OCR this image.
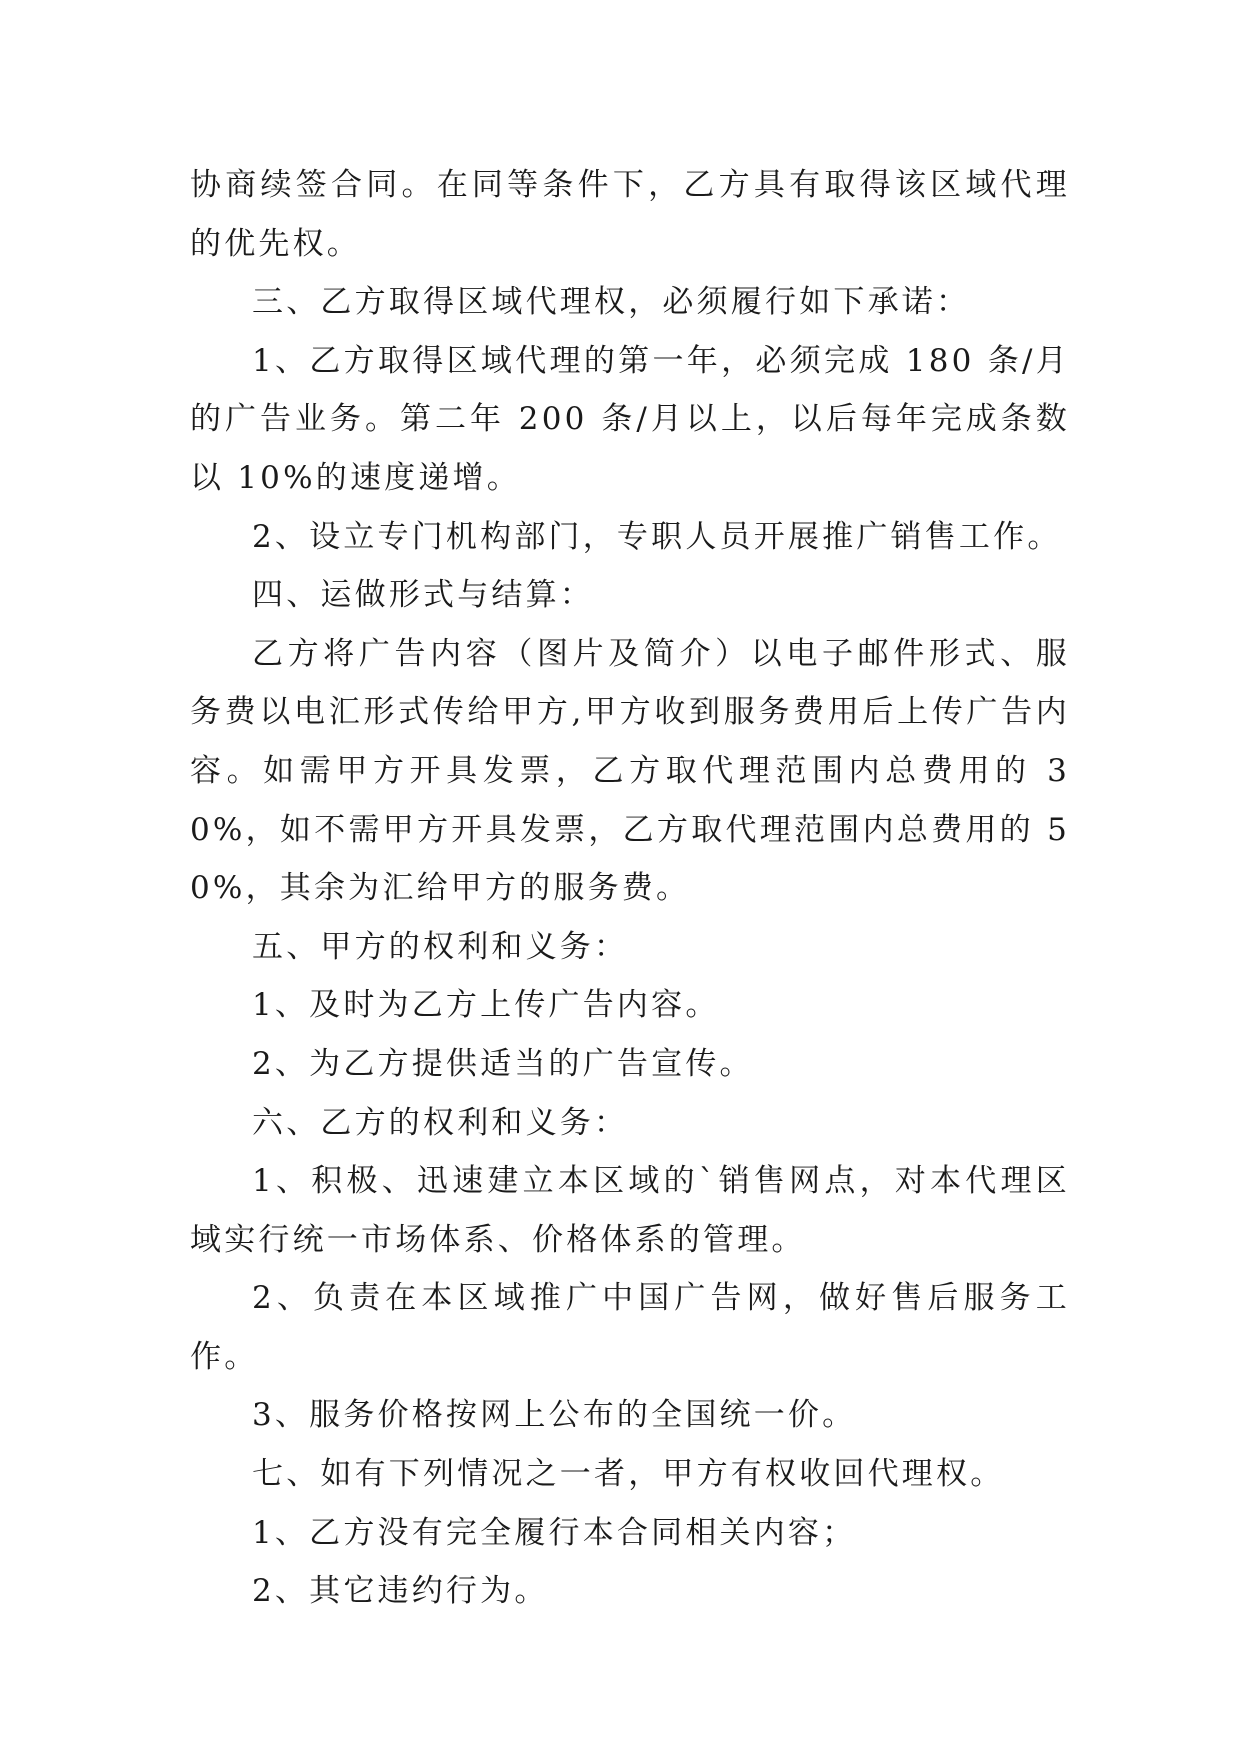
协商续签合同。在同等条件下，乙方具有取得该区域代理的优先权。

三、乙方取得区域代理权，必须履行如下承诺：

1、乙方取得区域代理的第一年，必须完成 180 条/月的广告业务。第二年 200 条/月以上，以后每年完成条数以 10%的速度递增。

2、设立专门机构部门，专职人员开展推广销售工作。

四、运做形式与结算：

乙方将广告内容（图片及简介）以电子邮件形式、服务费以电汇形式传给甲方,甲方收到服务费用后上传广告内容。如需甲方开具发票，乙方取代理范围内总费用的 30%，如不需甲方开具发票，乙方取代理范围内总费用的 50%，其余为汇给甲方的服务费。

五、甲方的权利和义务：

1、及时为乙方上传广告内容。

2、为乙方提供适当的广告宣传。

六、乙方的权利和义务：

1、积极、迅速建立本区域的`销售网点，对本代理区域实行统一市场体系、价格体系的管理。

2、负责在本区域推广中国广告网，做好售后服务工作。

3、服务价格按网上公布的全国统一价。

七、如有下列情况之一者，甲方有权收回代理权。

1、乙方没有完全履行本合同相关内容；

2、其它违约行为。
